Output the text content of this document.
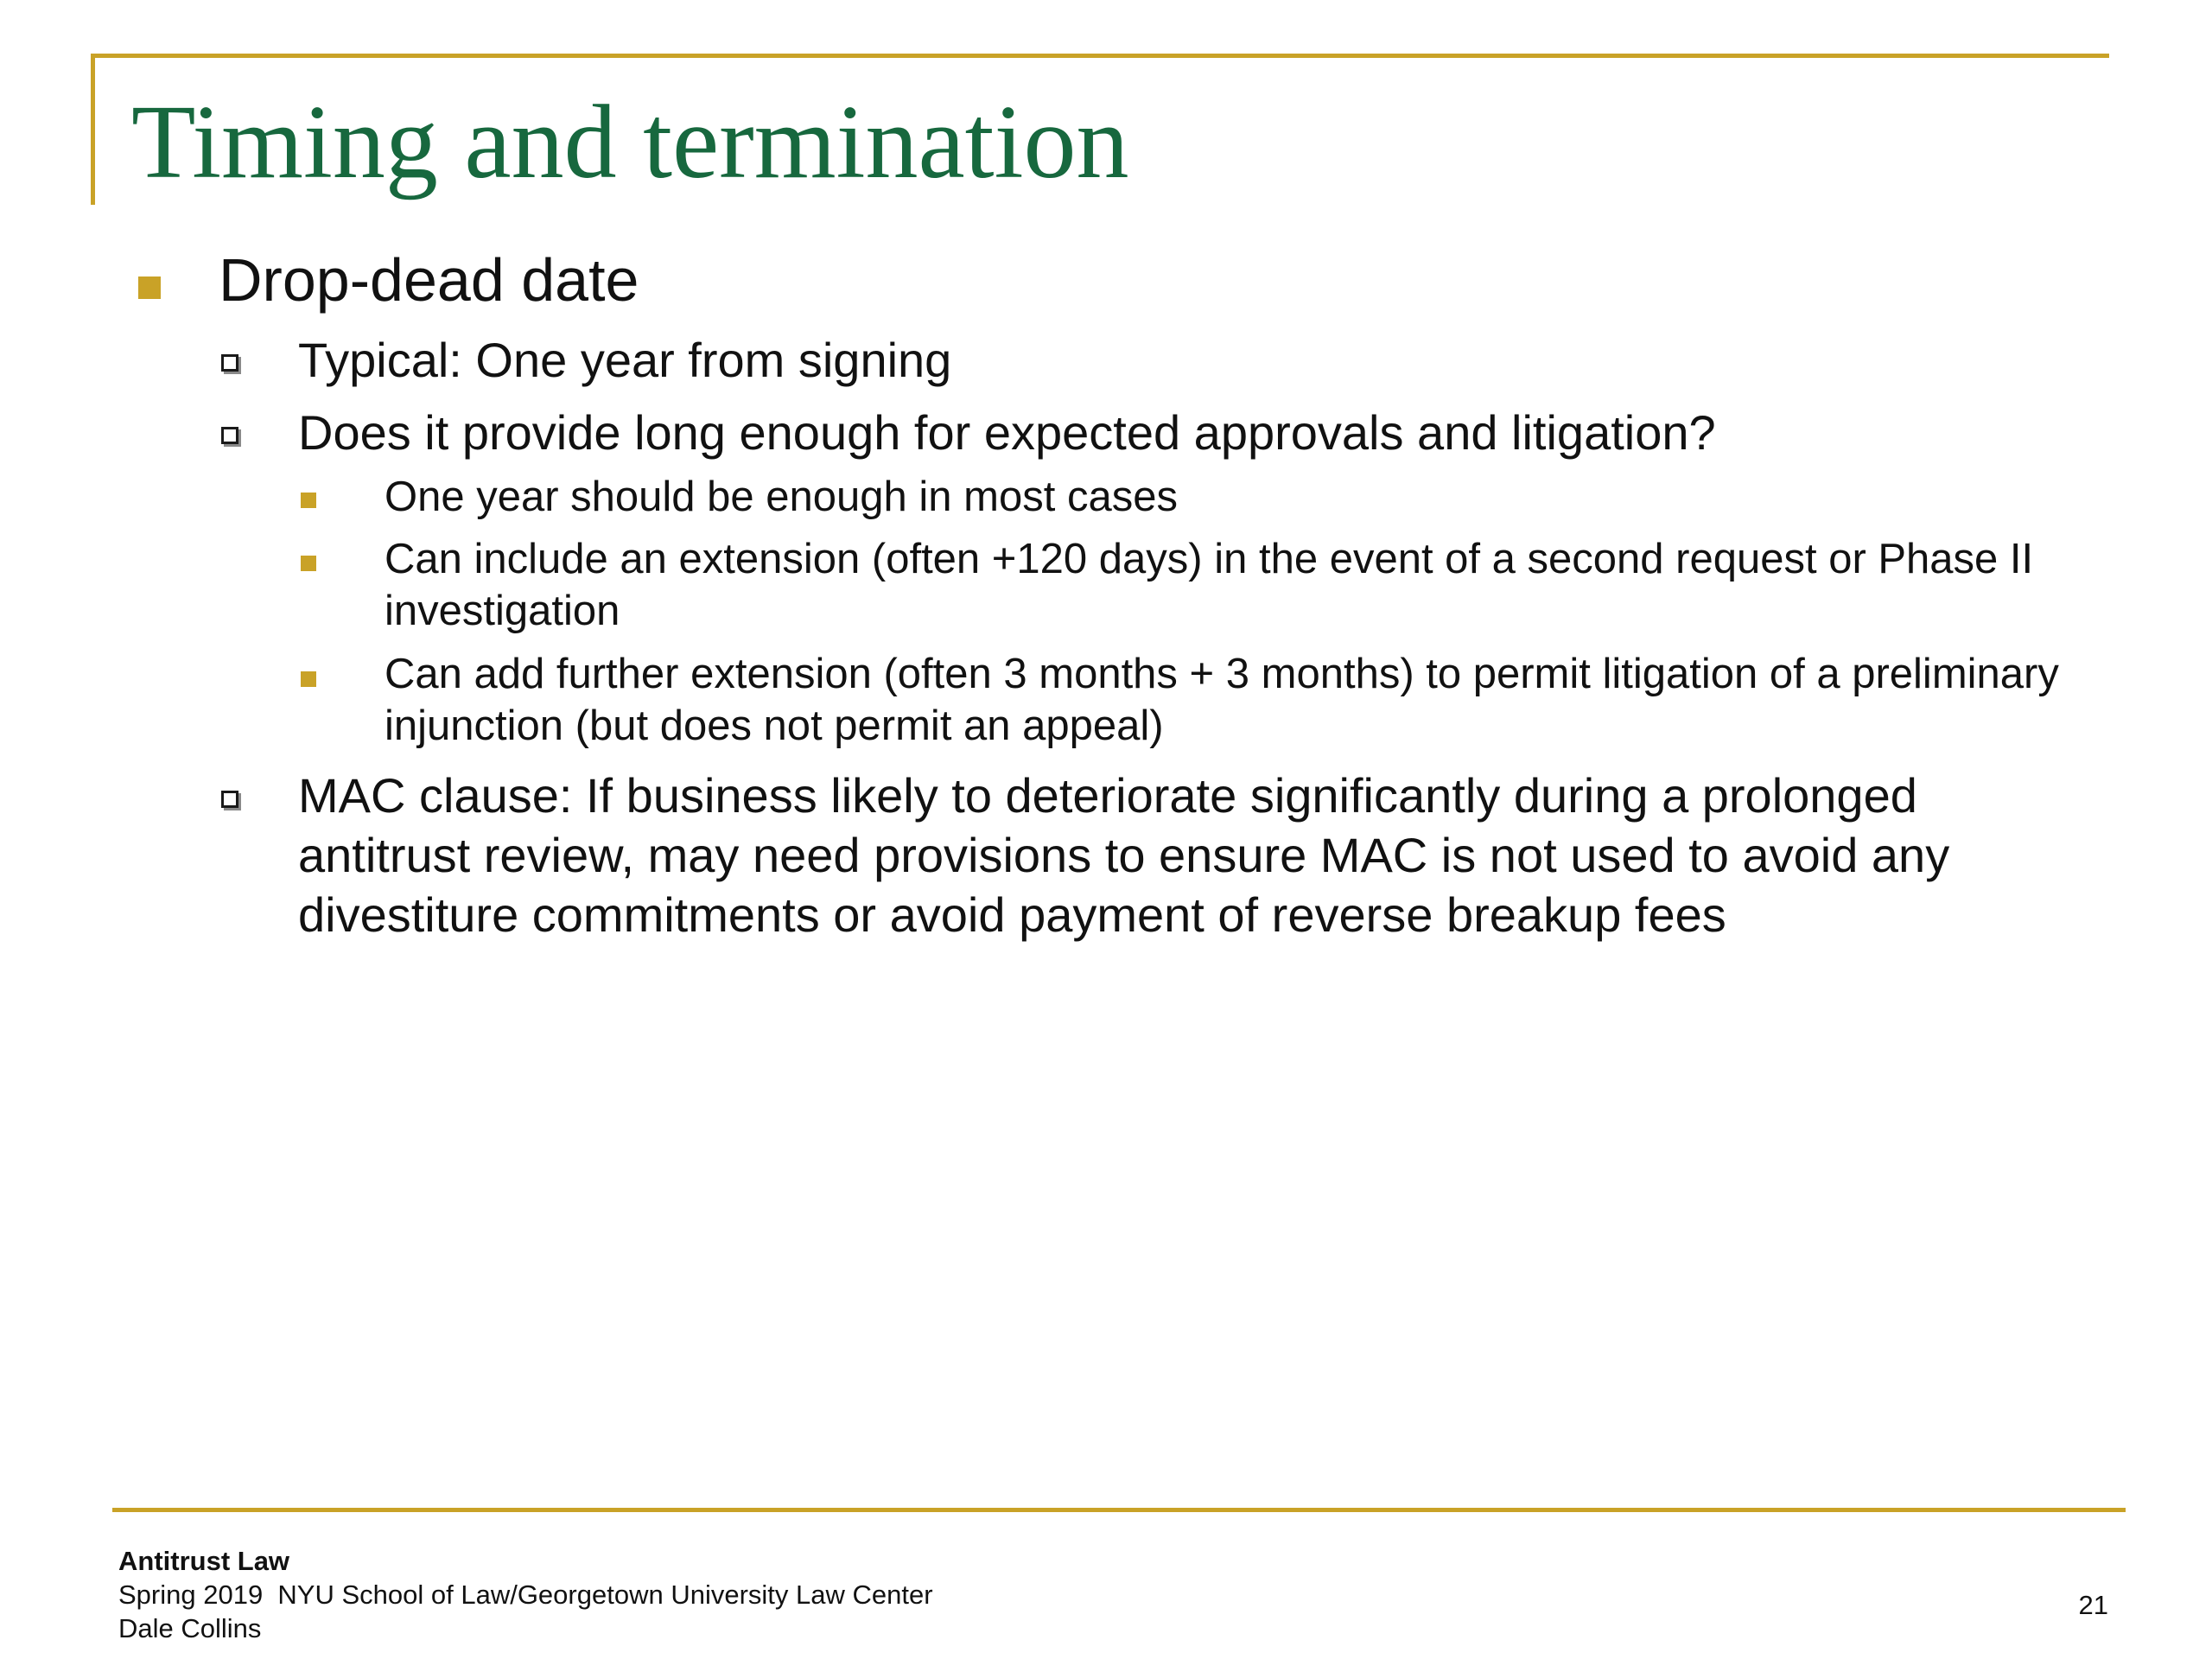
Timing and termination
Drop-dead date
Typical: One year from signing
Does it provide long enough for expected approvals and litigation?
One year should be enough in most cases
Can include an extension (often +120 days) in the event of a second request or Phase II
investigation
Can add further extension (often 3 months + 3 months) to permit litigation of a preliminary
injunction (but does not permit an appeal)
MAC clause: If business likely to deteriorate significantly during a prolonged
antitrust review, may need provisions to ensure MAC is not used to avoid any
divestiture commitments or avoid payment of reverse breakup fees
Antitrust Law
Spring 2019  NYU School of Law/Georgetown University Law Center
Dale Collins
21
